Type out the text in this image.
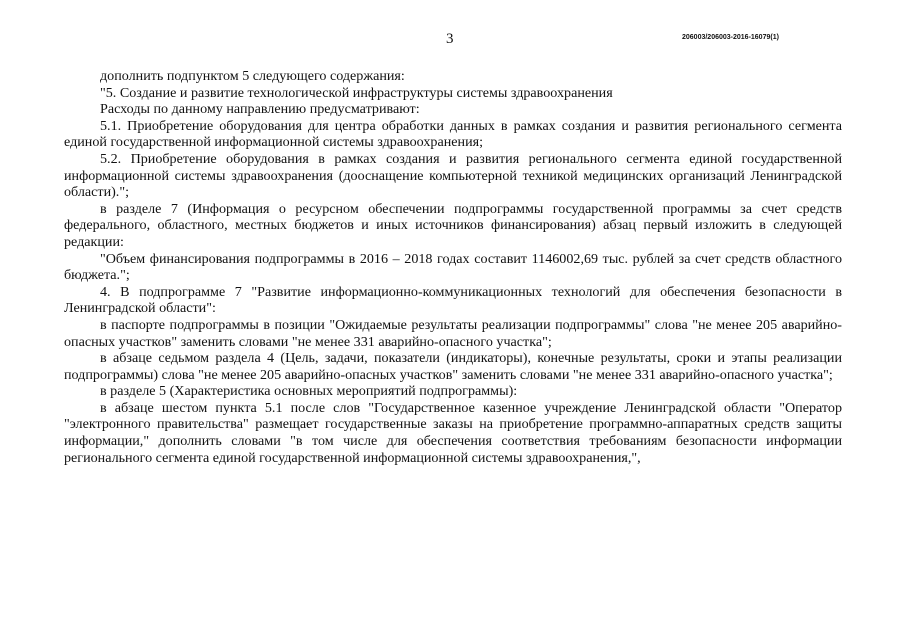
3	206003/206003-2016-16079(1)

дополнить подпунктом 5 следующего содержания:

"5. Создание и развитие технологической инфраструктуры системы здравоохранения

Расходы по данному направлению предусматривают:

5.1. Приобретение оборудования для центра обработки данных в рамках создания и развития регионального сегмента единой государственной информационной системы здравоохранения;

5.2. Приобретение оборудования в рамках создания и развития регионального сегмента единой государственной информационной системы здравоохранения (дооснащение компьютерной техникой медицинских организаций Ленинградской области).";

в разделе 7 (Информация о ресурсном обеспечении подпрограммы государственной программы за счет средств федерального, областного, местных бюджетов и иных источников финансирования) абзац первый изложить в следующей редакции:

"Объем финансирования подпрограммы в 2016 – 2018 годах составит 1146002,69 тыс. рублей за счет средств областного бюджета.";

4. В подпрограмме 7 "Развитие информационно-коммуникационных технологий для обеспечения безопасности в Ленинградской области":

в паспорте подпрограммы в позиции "Ожидаемые результаты реализации подпрограммы" слова "не менее 205 аварийно-опасных участков" заменить словами "не менее 331 аварийно-опасного участка";

в абзаце седьмом раздела 4 (Цель, задачи, показатели (индикаторы), конечные результаты, сроки и этапы реализации подпрограммы) слова "не менее 205 аварийно-опасных участков" заменить словами "не менее 331 аварийно-опасного участка";

в разделе 5 (Характеристика основных мероприятий подпрограммы):

в абзаце шестом пункта 5.1 после слов "Государственное казенное учреждение Ленинградской области "Оператор "электронного правительства" размещает государственные заказы на приобретение программно-аппаратных средств защиты информации," дополнить словами "в том числе для обеспечения соответствия требованиям безопасности информации регионального сегмента единой государственной информационной системы здравоохранения,",
